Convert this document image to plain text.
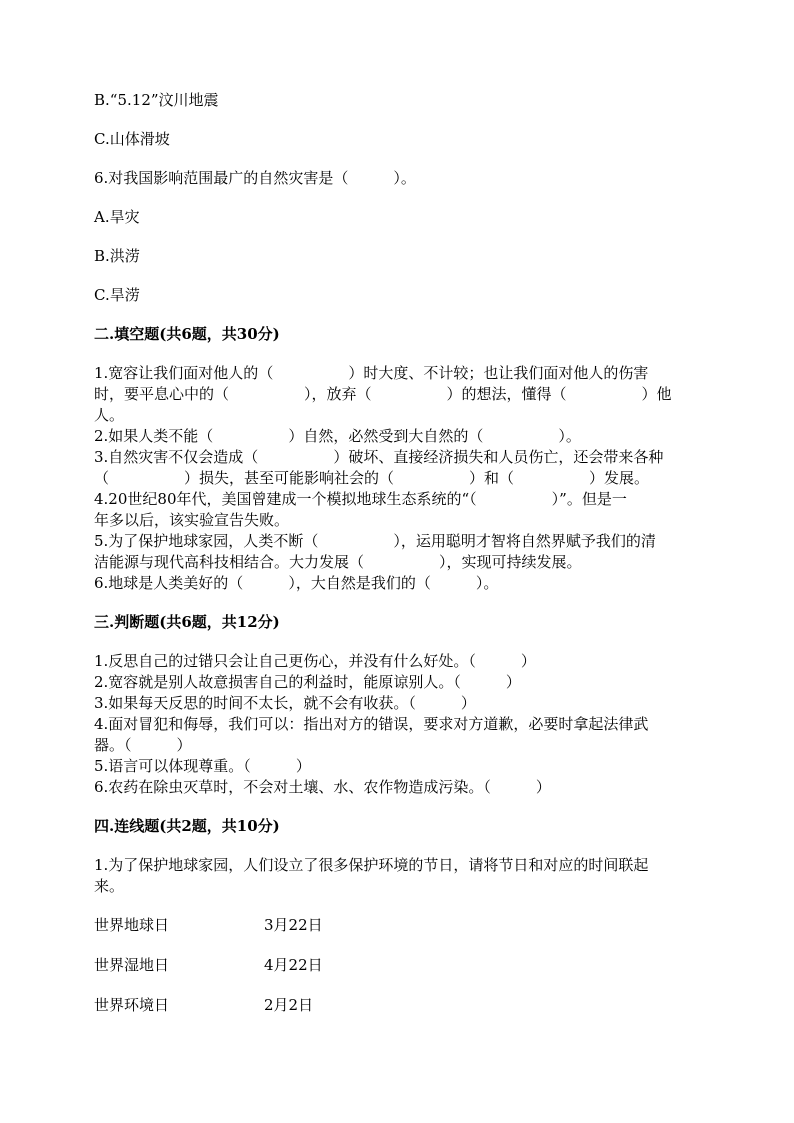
B.“5.12”汶川地震
C.山体滑坡
6.对我国影响范围最广的自然灾害是（　　　）。
A.旱灾
B.洪涝
C.旱涝
二.填空题(共6题，共30分)
1.宽容让我们面对他人的（　　　　　）时大度、不计较；也让我们面对他人的伤害
时，要平息心中的（　　　　　），放弃（　　　　　）的想法，懂得（　　　　　）他
人。
2.如果人类不能（　　　　　）自然，必然受到大自然的（　　　　　）。
3.自然灾害不仅会造成（　　　　　）破坏、直接经济损失和人员伤亡，还会带来各种
（　　　　　）损失，甚至可能影响社会的（　　　　　）和（　　　　　）发展。
4.20世纪80年代，美国曾建成一个模拟地球生态系统的“（　　　　　）”。但是一
年多以后，该实验宣告失败。
5.为了保护地球家园，人类不断（　　　　　），运用聪明才智将自然界赋予我们的清
洁能源与现代高科技相结合。大力发展（　　　　　），实现可持续发展。
6.地球是人类美好的（　　　），大自然是我们的（　　　）。
三.判断题(共6题，共12分)
1.反思自己的过错只会让自己更伤心，并没有什么好处。（　　　）
2.宽容就是别人故意损害自己的利益时，能原谅别人。（　　　）
3.如果每天反思的时间不太长，就不会有收获。（　　　）
4.面对冒犯和侮辱，我们可以：指出对方的错误，要求对方道歉，必要时拿起法律武
器。（　　　）
5.语言可以体现尊重。（　　　）
6.农药在除虫灭草时，不会对土壤、水、农作物造成污染。（　　　）
四.连线题(共2题，共10分)
1.为了保护地球家园，人们设立了很多保护环境的节日，请将节日和对应的时间联起
来。
世界地球日	3月22日
世界湿地日	4月22日
世界环境日	2月2日
